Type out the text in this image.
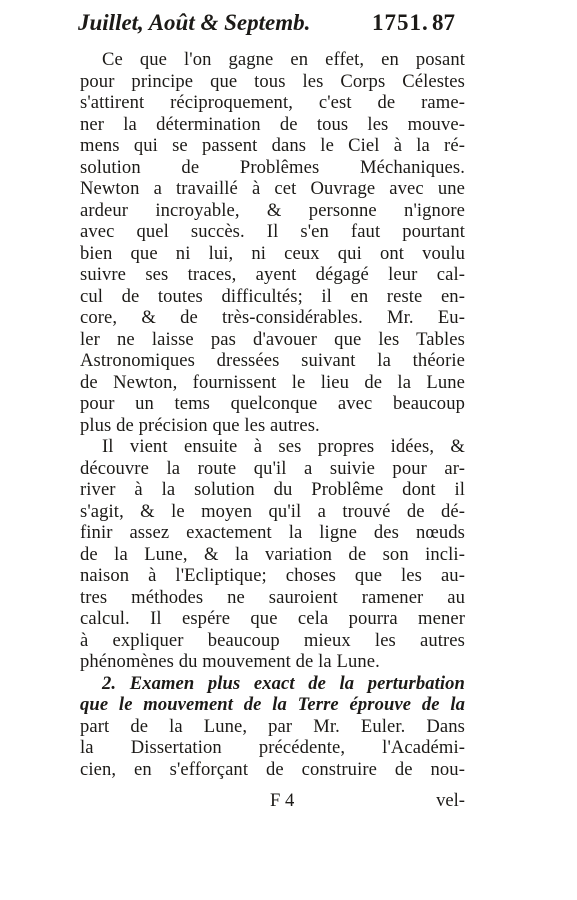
Juillet, Août & Septemb.	1751. 87
Ce que l'on gagne en effet, en posant
pour principe que tous les Corps Célestes
s'attirent réciproquement, c'est de rame-
ner la détermination de tous les mouve-
mens qui se passent dans le Ciel à la ré-
solution de Problêmes Méchaniques.
Newton a travaillé à cet Ouvrage avec une
ardeur incroyable, & personne n'ignore
avec quel succès. Il s'en faut pourtant
bien que ni lui, ni ceux qui ont voulu
suivre ses traces, ayent dégagé leur cal-
cul de toutes difficultés; il en reste en-
core, & de très-considérables. Mr. Eu-
ler ne laisse pas d'avouer que les Tables
Astronomiques dressées suivant la théorie
de Newton, fournissent le lieu de la Lune
pour un tems quelconque avec beaucoup
plus de précision que les autres.
Il vient ensuite à ses propres idées, &
découvre la route qu'il a suivie pour ar-
river à la solution du Problême dont il
s'agit, & le moyen qu'il a trouvé de dé-
finir assez exactement la ligne des nœuds
de la Lune, & la variation de son incli-
naison à l'Ecliptique; choses que les au-
tres méthodes ne sauroient ramener au
calcul. Il espére que cela pourra mener
à expliquer beaucoup mieux les autres
phénomènes du mouvement de la Lune.
2. Examen plus exact de la perturbation
que le mouvement de la Terre éprouve de la
part de la Lune, par Mr. Euler. Dans
la Dissertation précédente, l'Académi-
cien, en s'efforçant de construire de nou-
F 4	vel-
